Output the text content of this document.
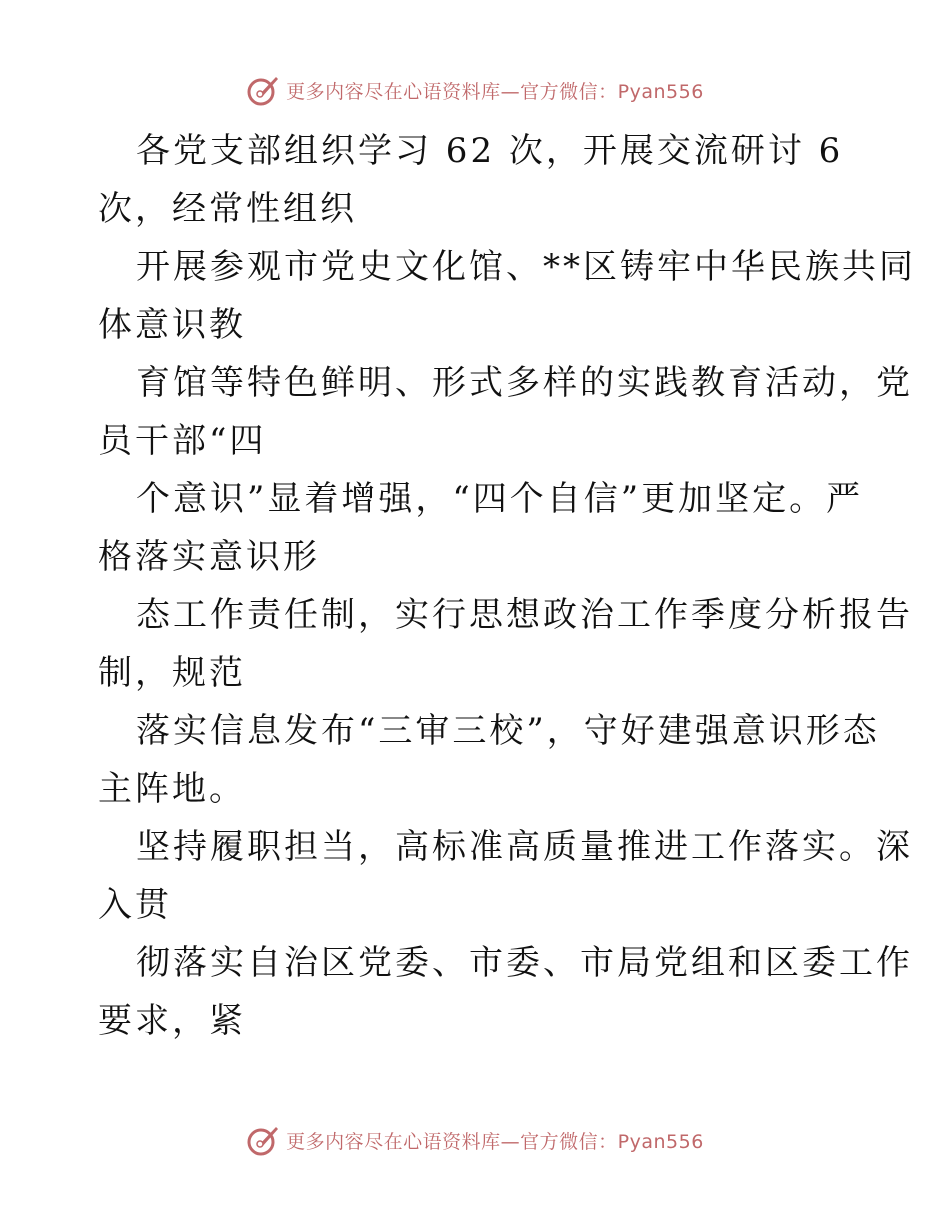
更多内容尽在心语资料库—官方微信：Pyan556
各党支部组织学习 62 次，开展交流研讨 6
次，经常性组织
开展参观市党史文化馆、**区铸牢中华民族共同
体意识教
育馆等特色鲜明、形式多样的实践教育活动，党
员干部“四
个意识”显着增强，“四个自信”更加坚定。严
格落实意识形
态工作责任制，实行思想政治工作季度分析报告
制，规范
落实信息发布“三审三校”，守好建强意识形态
主阵地。
坚持履职担当，高标准高质量推进工作落实。深
入贯
彻落实自治区党委、市委、市局党组和区委工作
要求，紧
更多内容尽在心语资料库—官方微信：Pyan556
